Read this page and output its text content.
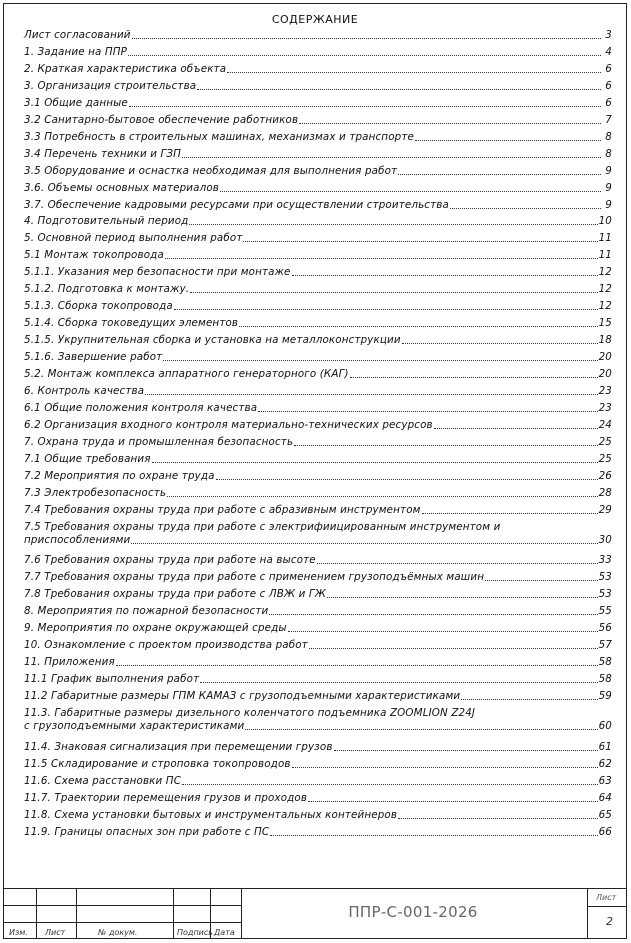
СОДЕРЖАНИЕ
Лист согласований	3
1. Задание на ППР	4
2. Краткая характеристика объекта	6
3. Организация строительства	6
3.1 Общие данные	6
3.2 Санитарно-бытовое обеспечение работников	7
3.3 Потребность в строительных машинах, механизмах и транспорте	8
3.4 Перечень техники и ГЗП	8
3.5 Оборудование и оснастка необходимая для выполнения работ	9
3.6. Объемы основных материалов	9
3.7. Обеспечение кадровыми ресурсами при осуществлении строительства	9
4. Подготовительный период	10
5. Основной период выполнения работ	11
5.1 Монтаж токопровода	11
5.1.1. Указания мер безопасности при монтаже	12
5.1.2. Подготовка к монтажу.	12
5.1.3. Сборка токопровода	12
5.1.4. Сборка токоведущих элементов	15
5.1.5. Укрупнительная сборка и установка на металлоконструкции	18
5.1.6. Завершение работ	20
5.2. Монтаж комплекса аппаратного генераторного (КАГ)	20
6. Контроль качества	23
6.1 Общие положения контроля качества	23
6.2 Организация входного контроля материально-технических ресурсов	24
7. Охрана труда и промышленная безопасность	25
7.1 Общие требования	25
7.2 Мероприятия по охране труда	26
7.3 Электробезопасность	28
7.4 Требования охраны труда при работе с абразивным инструментом	29
7.5 Требования охраны труда при работе с электрифиицированным инструментом и
приспособлениями	30
7.6 Требования охраны труда при работе на высоте	33
7.7 Требования охраны труда при работе с применением грузоподъёмных машин	53
7.8 Требования охраны труда при работе с ЛВЖ и ГЖ	53
8. Мероприятия по пожарной безопасности	55
9. Мероприятия по охране окружающей среды	56
10. Ознакомление с проектом производства работ	57
11. Приложения	58
11.1 График выполнения работ	58
11.2 Габаритные размеры ГПМ КАМАЗ с грузоподъемными характеристиками	59
11.3. Габаритные размеры дизельного коленчатого подъемника ZOOMLION Z24J
с грузоподъемными характеристиками	60
11.4. Знаковая сигнализация при перемещении грузов	61
11.5 Складирование и строповка токопроводов	62
11.6. Схема расстановки ПС	63
11.7. Траектории перемещения грузов и проходов	64
11.8. Схема установки бытовых и инструментальных контейнеров	65
11.9. Границы опасных зон при работе с ПС	66
Изм. Лист	№ докум.	Подпись Дата
ППР-С-001-2026
Лист
2
